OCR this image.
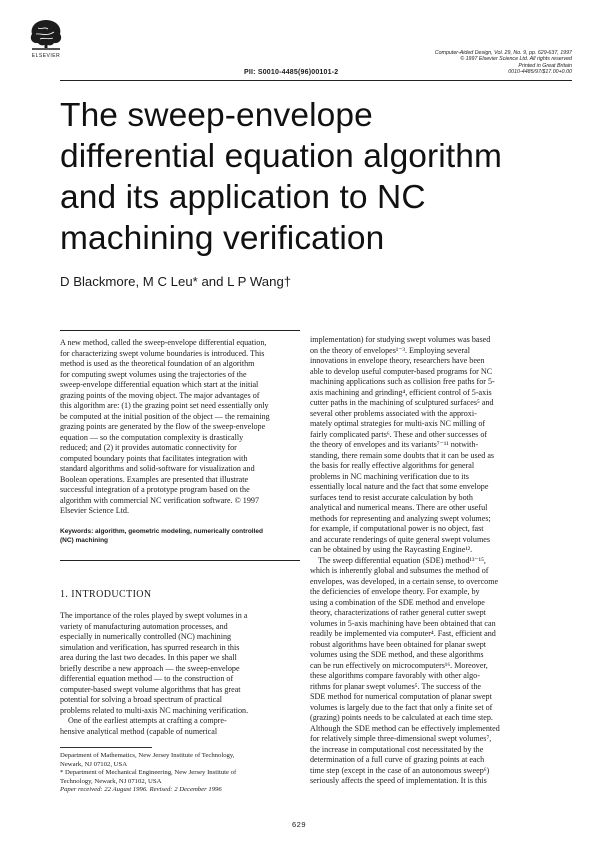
ELSEVIER	Computer-Aided Design, Vol. 29, No. 9, pp. 629-637, 1997
© 1997 Elsevier Science Ltd. All rights reserved
Printed in Great Britain
0010-4485/97/$17.00+0.00
PII: S0010-4485(96)00101-2
The sweep-envelope
differential equation algorithm
and its application to NC
machining verification
D Blackmore, M C Leu* and L P Wang†
A new method, called the sweep-envelope differential equation,
for characterizing swept volume boundaries is introduced. This
method is used as the theoretical foundation of an algorithm
for computing swept volumes using the trajectories of the
sweep-envelope differential equation which start at the initial
grazing points of the moving object. The major advantages of
this algorithm are: (1) the grazing point set need essentially only
be computed at the initial position of the object — the remaining
grazing points are generated by the flow of the sweep-envelope
equation — so the computation complexity is drastically
reduced; and (2) it provides automatic connectivity for
computed boundary points that facilitates integration with
standard algorithms and solid-software for visualization and
Boolean operations. Examples are presented that illustrate
successful integration of a prototype program based on the
algorithm with commercial NC verification software. © 1997
Elsevier Science Ltd.
Keywords: algorithm, geometric modeling, numerically controlled
(NC) machining
1. INTRODUCTION
The importance of the roles played by swept volumes in a
variety of manufacturing automation processes, and
especially in numerically controlled (NC) machining
simulation and verification, has spurred research in this
area during the last two decades. In this paper we shall
briefly describe a new approach — the sweep-envelope
differential equation method — to the construction of
computer-based swept volume algorithms that has great
potential for solving a broad spectrum of practical
problems related to multi-axis NC machining verification.
One of the earliest attempts at crafting a compre-
hensive analytical method (capable of numerical
Department of Mathematics, New Jersey Institute of Technology,
Newark, NJ 07102, USA
* Department of Mechanical Engineering, New Jersey Institute of
Technology, Newark, NJ 07102, USA
Paper received: 22 August 1996. Revised: 2 December 1996
implementation) for studying swept volumes was based
on the theory of envelopes¹⁻³. Employing several
innovations in envelope theory, researchers have been
able to develop useful computer-based programs for NC
machining applications such as collision free paths for 5-
axis machining and grinding⁴, efficient control of 5-axis
cutter paths in the machining of sculptured surfaces⁵ and
several other problems associated with the approxi-
mately optimal strategies for multi-axis NC milling of
fairly complicated parts⁶. These and other successes of
the theory of envelopes and its variants⁷⁻¹¹ notwith-
standing, there remain some doubts that it can be used as
the basis for really effective algorithms for general
problems in NC machining verification due to its
essentially local nature and the fact that some envelope
surfaces tend to resist accurate calculation by both
analytical and numerical means. There are other useful
methods for representing and analyzing swept volumes;
for example, if computational power is no object, fast
and accurate renderings of quite general swept volumes
can be obtained by using the Raycasting Engine¹².
The sweep differential equation (SDE) method¹³⁻¹⁵,
which is inherently global and subsumes the method of
envelopes, was developed, in a certain sense, to overcome
the deficiencies of envelope theory. For example, by
using a combination of the SDE method and envelope
theory, characterizations of rather general cutter swept
volumes in 5-axis machining have been obtained that can
readily be implemented via computer⁴. Fast, efficient and
robust algorithms have been obtained for planar swept
volumes using the SDE method, and these algorithms
can be run effectively on microcomputers¹⁶. Moreover,
these algorithms compare favorably with other algo-
rithms for planar swept volumes⁵. The success of the
SDE method for numerical computation of planar swept
volumes is largely due to the fact that only a finite set of
(grazing) points needs to be calculated at each time step.
Although the SDE method can be effectively implemented
for relatively simple three-dimensional swept volumes⁷,
the increase in computational cost necessitated by the
determination of a full curve of grazing points at each
time step (except in the case of an autonomous sweep⁶)
seriously affects the speed of implementation. It is this
629
